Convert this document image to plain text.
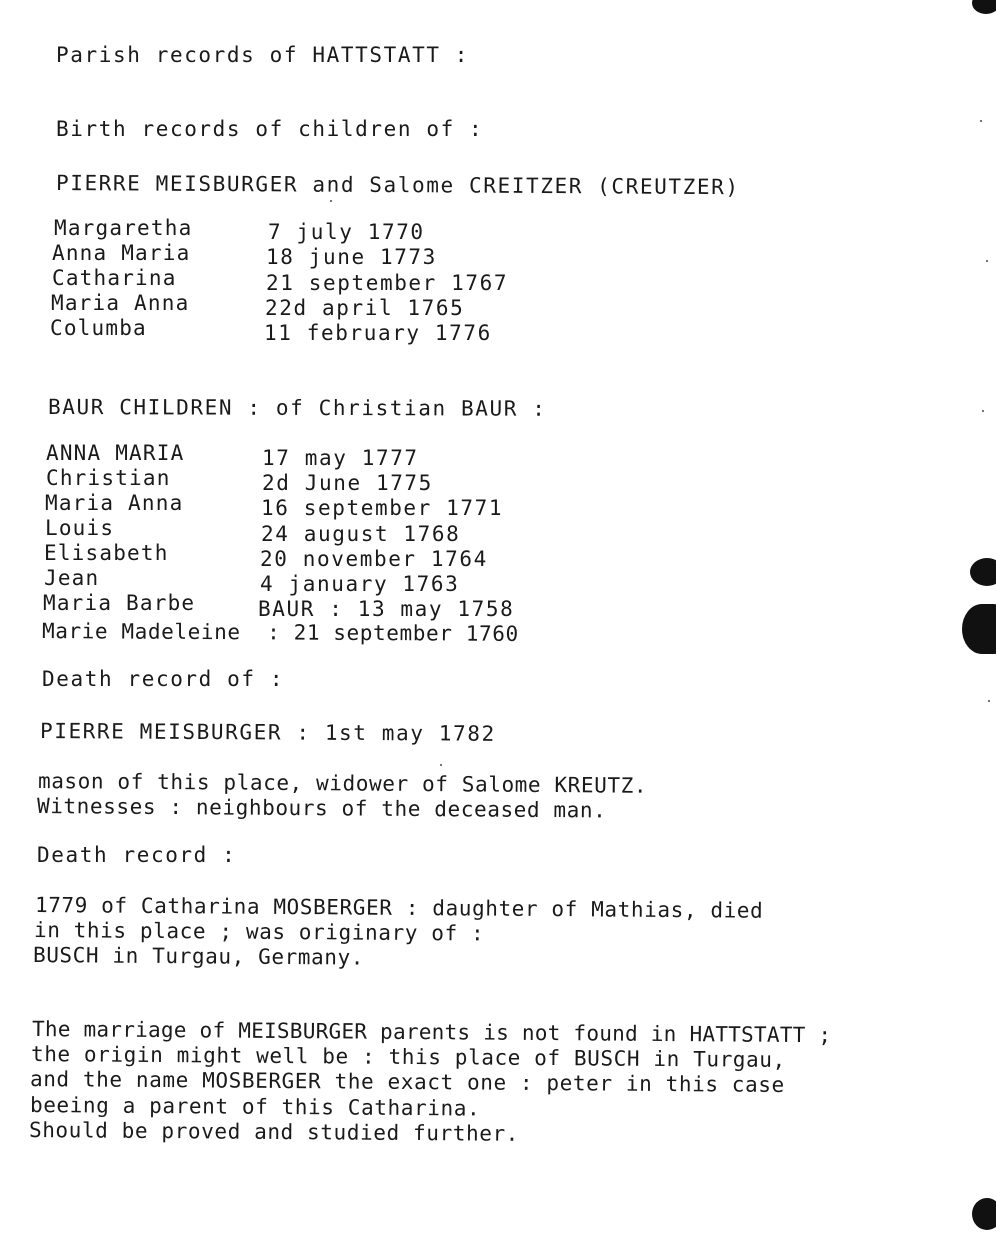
Parish records of HATTSTATT :
Birth records of children of :
PIERRE MEISBURGER and Salome CREITZER (CREUTZER)
Margaretha	7 july 1770
Anna Maria	18 june 1773
Catharina	21 september 1767
Maria Anna	22d april 1765
Columba	11 february 1776
BAUR CHILDREN : of Christian BAUR :
ANNA MARIA	17 may 1777
Christian	2d June 1775
Maria Anna	16 september 1771
Louis	24 august 1768
Elisabeth	20 november 1764
Jean	4 january 1763
Maria Barbe	BAUR : 13 may 1758
Marie Madeleine  : 21 september 1760
Death record of :
PIERRE MEISBURGER : 1st may 1782
mason of this place, widower of Salome KREUTZ.
Witnesses : neighbours of the deceased man.
Death record :
1779 of Catharina MOSBERGER : daughter of Mathias, died
in this place ; was originary of :
BUSCH in Turgau, Germany.
The marriage of MEISBURGER parents is not found in HATTSTATT ;
the origin might well be : this place of BUSCH in Turgau,
and the name MOSBERGER the exact one : peter in this case
beeing a parent of this Catharina.
Should be proved and studied further.
